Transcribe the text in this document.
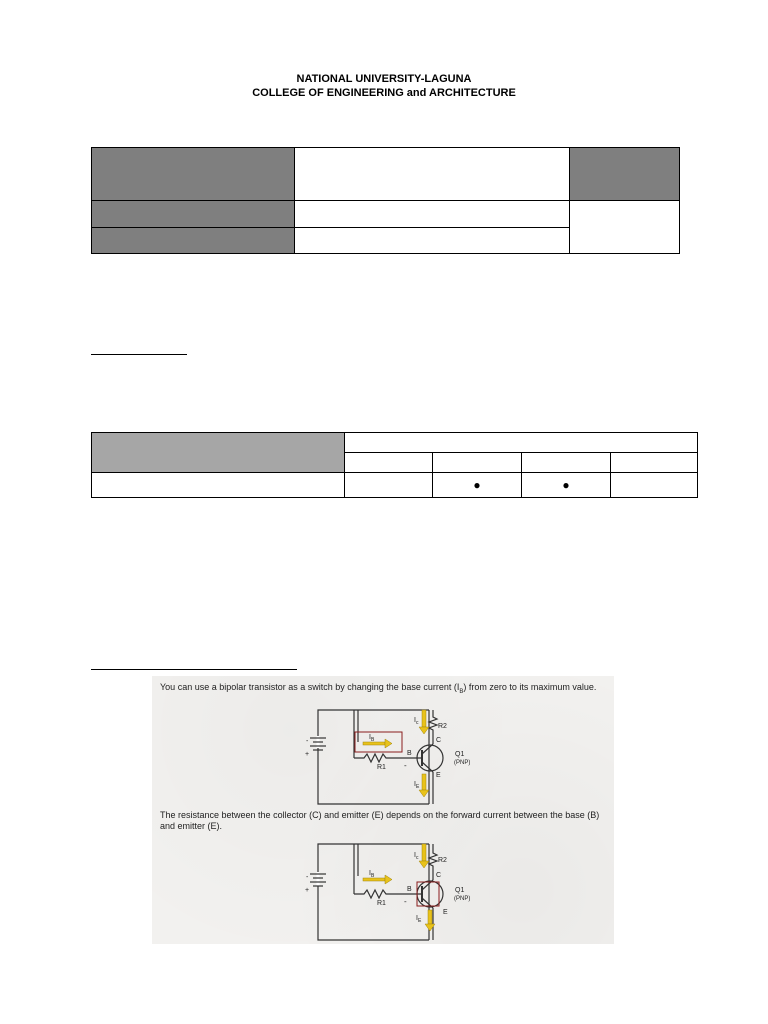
NATIONAL UNIVERSITY-LAGUNA
COLLEGE OF ENGINEERING and ARCHITECTURE

		●	●	
You can use a bipolar transistor as a switch by changing the base current $(I_B)$ from zero to its maximum value.
-
+
R2
R1
C
B
E
Q1
(PNP)
$I_c$
$I_B$
$I_E$
-
-
+
R2
R1
C
B
E
Q1
(PNP)
$I_c$
$I_B$
$I_E$
-
The resistance between the collector (C) and emitter (E) depends on the forward current between the base (B) and emitter (E).
